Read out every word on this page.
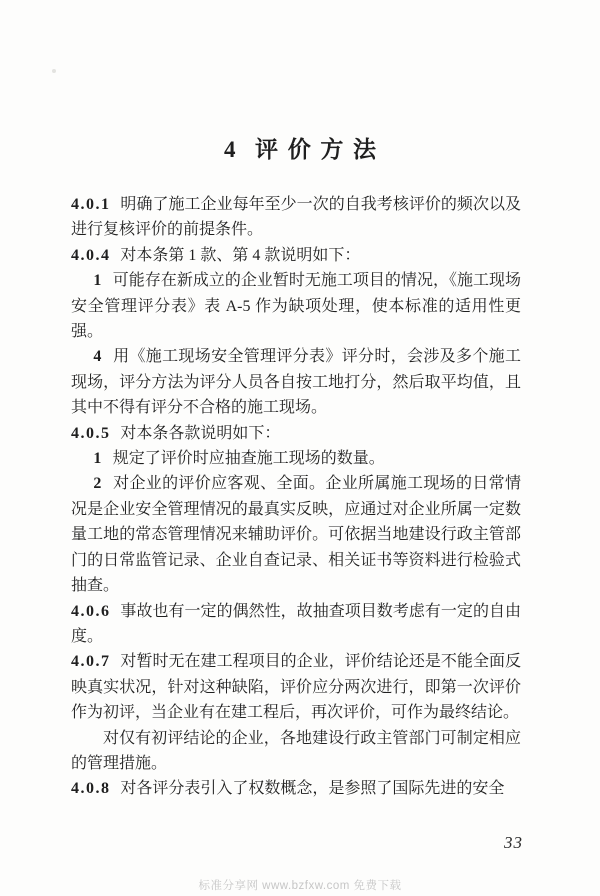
4 评价方法

4.0.1 明确了施工企业每年至少一次的自我考核评价的频次以及进行复核评价的前提条件。

4.0.4 对本条第 1 款、第 4 款说明如下：

1 可能存在新成立的企业暂时无施工项目的情况，《施工现场安全管理评分表》表 A-5 作为缺项处理，使本标准的适用性更强。

4 用《施工现场安全管理评分表》评分时，会涉及多个施工现场，评分方法为评分人员各自按工地打分，然后取平均值，且其中不得有评分不合格的施工现场。

4.0.5 对本条各款说明如下：

1 规定了评价时应抽查施工现场的数量。

2 对企业的评价应客观、全面。企业所属施工现场的日常情况是企业安全管理情况的最真实反映，应通过对企业所属一定数量工地的常态管理情况来辅助评价。可依据当地建设行政主管部门的日常监管记录、企业自查记录、相关证书等资料进行检验式抽查。

4.0.6 事故也有一定的偶然性，故抽查项目数考虑有一定的自由度。

4.0.7 对暂时无在建工程项目的企业，评价结论还是不能全面反映真实状况，针对这种缺陷，评价应分两次进行，即第一次评价作为初评，当企业有在建工程后，再次评价，可作为最终结论。

对仅有初评结论的企业，各地建设行政主管部门可制定相应的管理措施。

4.0.8 对各评分表引入了权数概念，是参照了国际先进的安全

33
标准分享网 www.bzfxw.com 免费下载
